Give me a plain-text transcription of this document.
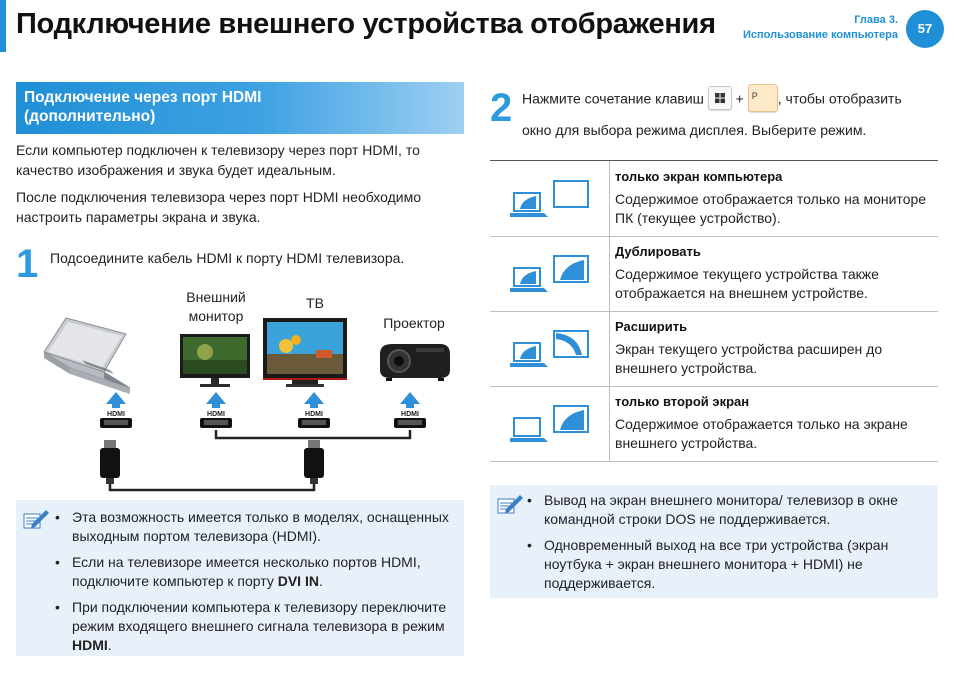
Подключение внешнего устройства отображения	Глава 3.
Использование компьютера	57
Подключение через порт HDMI
(дополнительно)
Если компьютер подключен к телевизору через порт HDMI, то качество изображения и звука будет идеальным.
После подключения телевизора через порт HDMI необходимо настроить параметры экрана и звука.
1 Подсоедините кабель HDMI к порту HDMI телевизора.
Внешний
монитор
ТВ
Проектор
HDMI	HDMI	HDMI	HDMI
• Эта возможность имеется только в моделях, оснащенных выходным портом телевизора (HDMI).
• Если на телевизоре имеется несколько портов HDMI, подключите компьютер к порту DVI IN.
• При подключении компьютера к телевизору переключите режим входящего внешнего сигнала телевизора в режим HDMI.
2 Нажмите сочетание клавиш + P , чтобы отобразить
окно для выбора режима дисплея. Выберите режим.
только экран компьютера
Содержимое отображается только на мониторе ПК (текущее устройство).
Дублировать
Содержимое текущего устройства также отображается на внешнем устройстве.
Расширить
Экран текущего устройства расширен до внешнего устройства.
только второй экран
Содержимое отображается только на экране внешнего устройства.
• Вывод на экран внешнего монитора/ телевизор в окне командной строки DOS не поддерживается.
• Одновременный выход на все три устройства (экран ноутбука + экран внешнего монитора + HDMI) не поддерживается.
